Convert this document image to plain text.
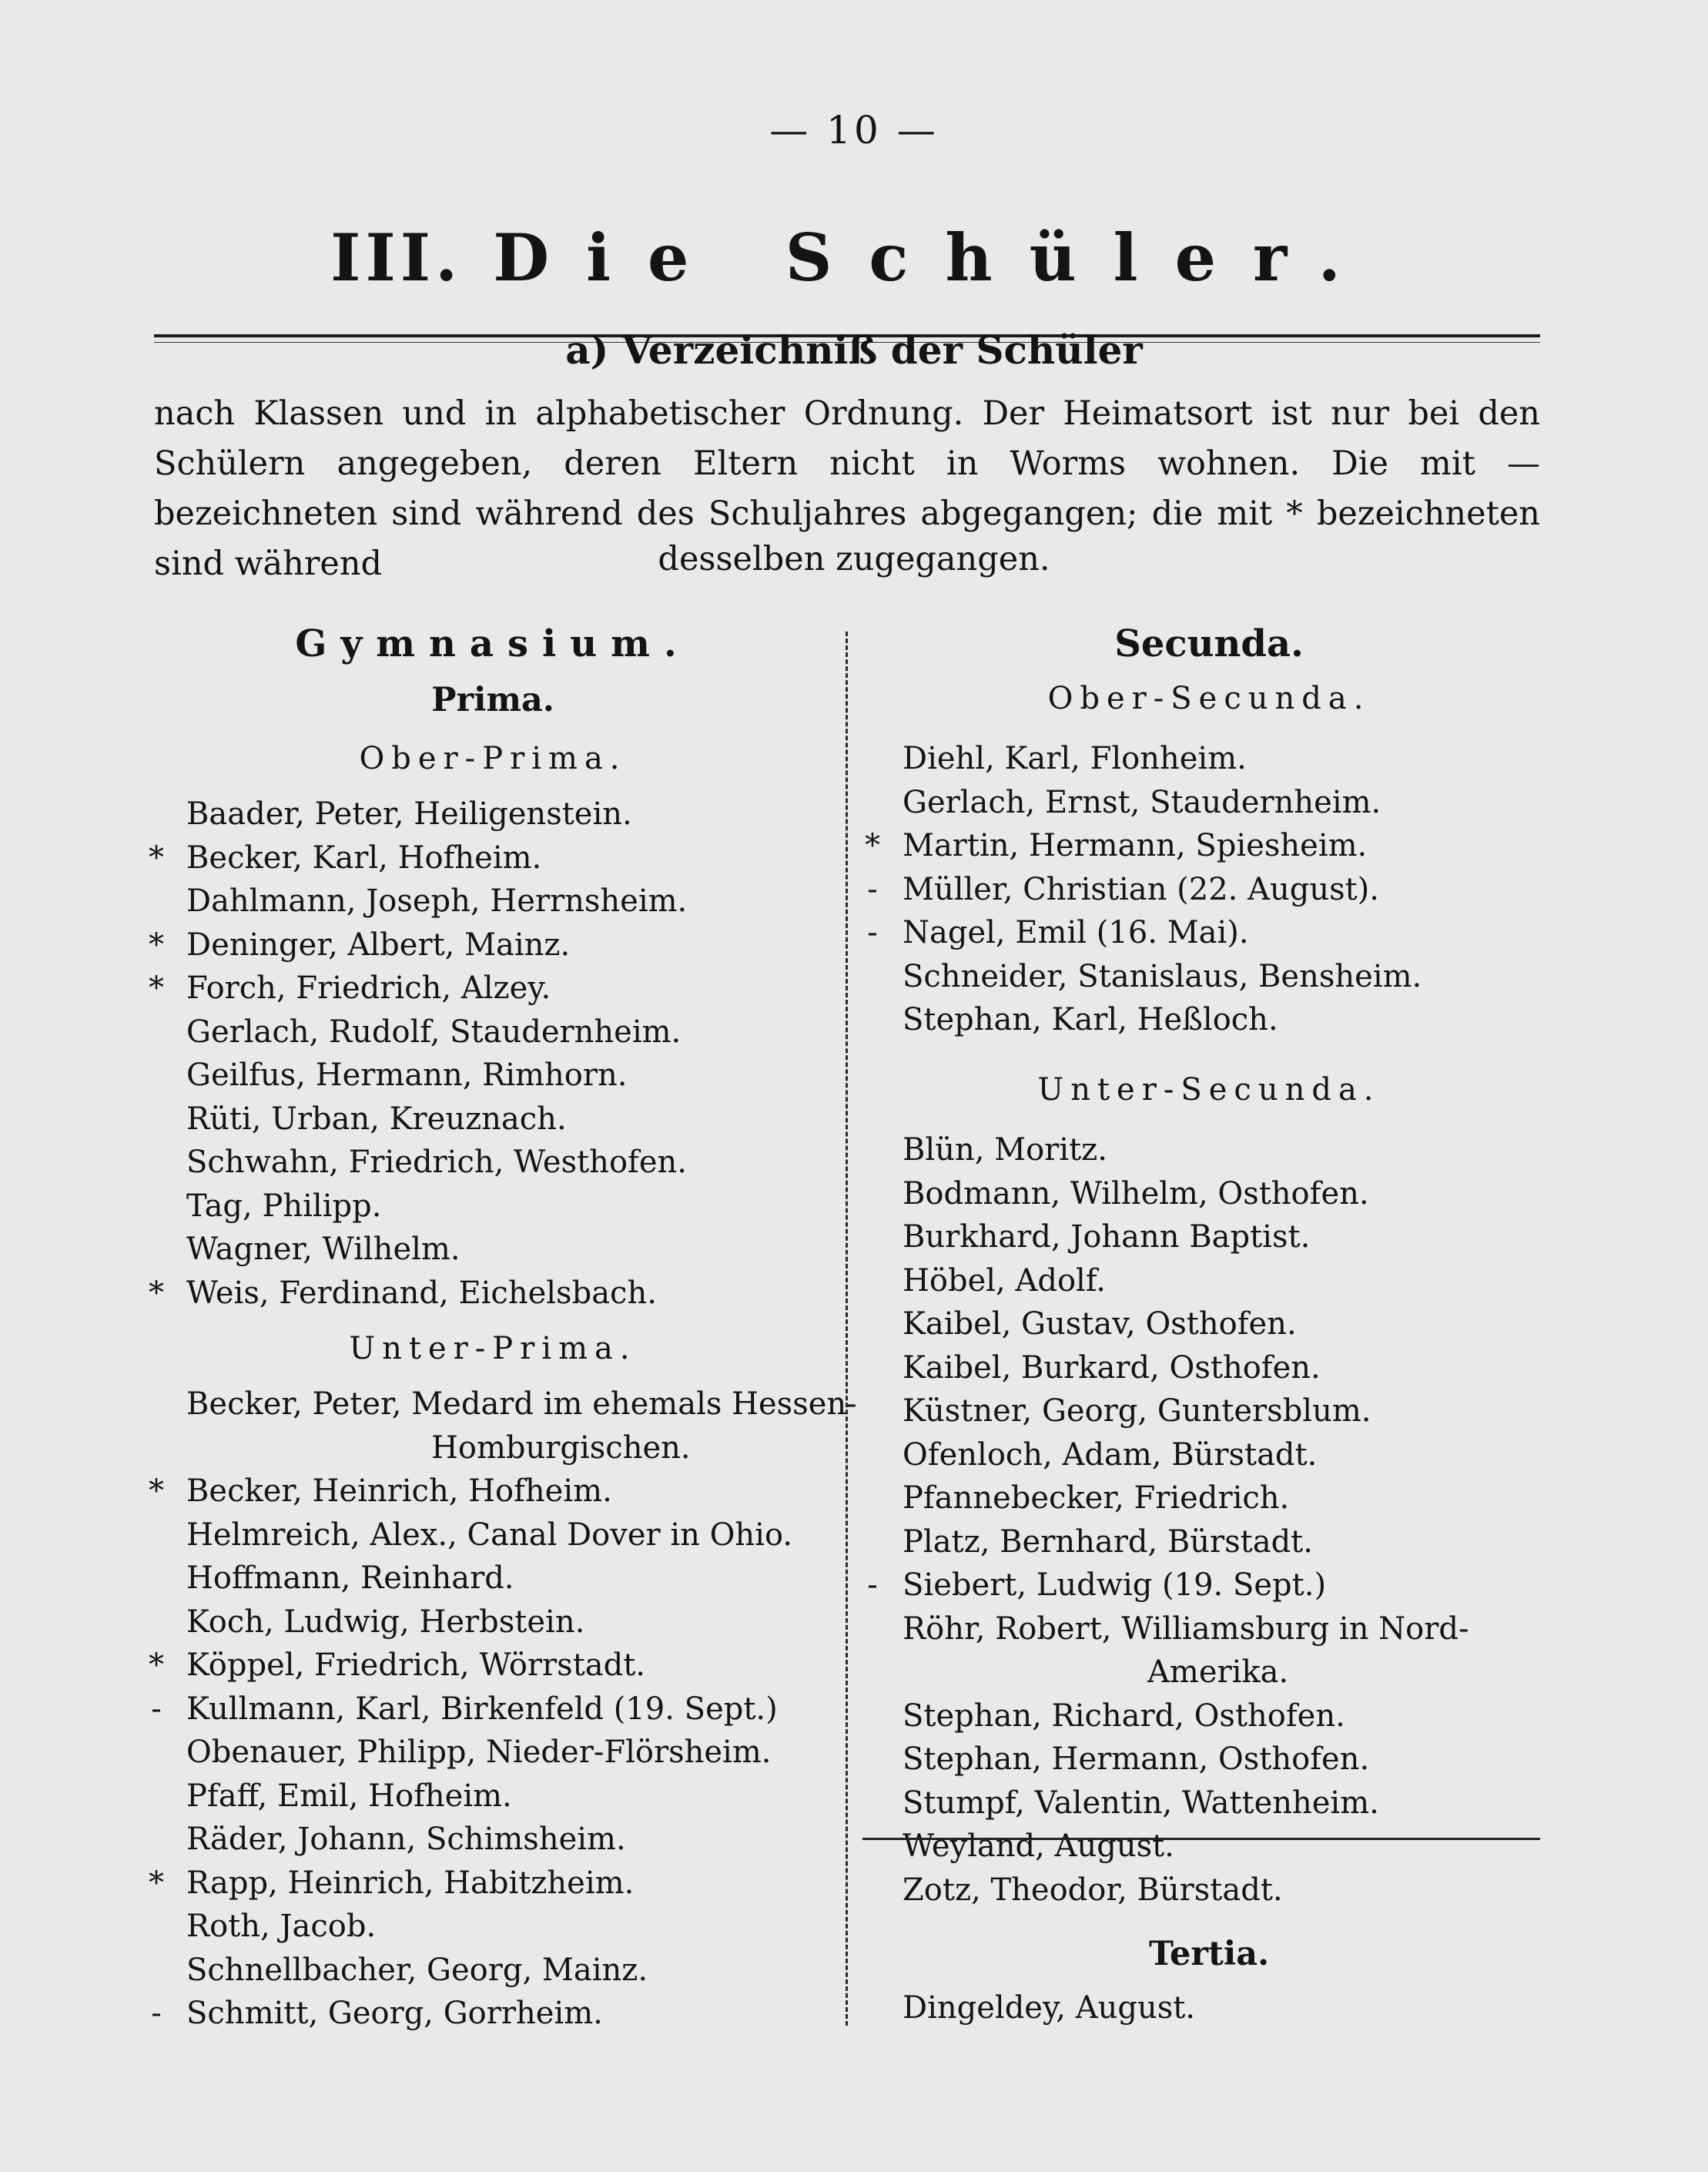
— 10 —
III. Die Schüler.
a) Verzeichniß der Schüler
nach Klassen und in alphabetischer Ordnung. Der Heimatsort ist nur bei den Schülern angegeben, deren Eltern nicht in Worms wohnen. Die mit — bezeichneten sind während des Schuljahres abgegangen; die mit * bezeichneten sind während	desselben zugegangen.
Gymnasium.
Prima.
Ober-Prima.
Unter-Prima.
Baader, Peter, Heiligenstein.
* Becker, Karl, Hofheim.
Dahlmann, Joseph, Herrnsheim.
* Deninger, Albert, Mainz.
* Forch, Friedrich, Alzey.
Gerlach, Rudolf, Staudernheim.
Geilfus, Hermann, Rimhorn.
Rüti, Urban, Kreuznach.
Schwahn, Friedrich, Westhofen.
Tag, Philipp.
Wagner, Wilhelm.
* Weis, Ferdinand, Eichelsbach.
Becker, Peter, Medard im ehemals Hessen-
Homburgischen.
* Becker, Heinrich, Hofheim.
Helmreich, Alex., Canal Dover in Ohio.
Hoffmann, Reinhard.
Koch, Ludwig, Herbstein.
* Köppel, Friedrich, Wörrstadt.
- Kullmann, Karl, Birkenfeld (19. Sept.)
Obenauer, Philipp, Nieder-Flörsheim.
Pfaff, Emil, Hofheim.
Räder, Johann, Schimsheim.
* Rapp, Heinrich, Habitzheim.
Roth, Jacob.
Schnellbacher, Georg, Mainz.
- Schmitt, Georg, Gorrheim.
Secunda.
Ober-Secunda.
Unter-Secunda.
Tertia.
Diehl, Karl, Flonheim.
Gerlach, Ernst, Staudernheim.
* Martin, Hermann, Spiesheim.
- Müller, Christian (22. August).
- Nagel, Emil (16. Mai).
Schneider, Stanislaus, Bensheim.
Stephan, Karl, Heßloch.
Blün, Moritz.
Bodmann, Wilhelm, Osthofen.
Burkhard, Johann Baptist.
Höbel, Adolf.
Kaibel, Gustav, Osthofen.
Kaibel, Burkard, Osthofen.
Küstner, Georg, Guntersblum.
Ofenloch, Adam, Bürstadt.
Pfannebecker, Friedrich.
Platz, Bernhard, Bürstadt.
- Siebert, Ludwig (19. Sept.)
Röhr, Robert, Williamsburg in Nord-
Amerika.
Stephan, Richard, Osthofen.
Stephan, Hermann, Osthofen.
Stumpf, Valentin, Wattenheim.
Weyland, August.
Zotz, Theodor, Bürstadt.
Dingeldey, August.
